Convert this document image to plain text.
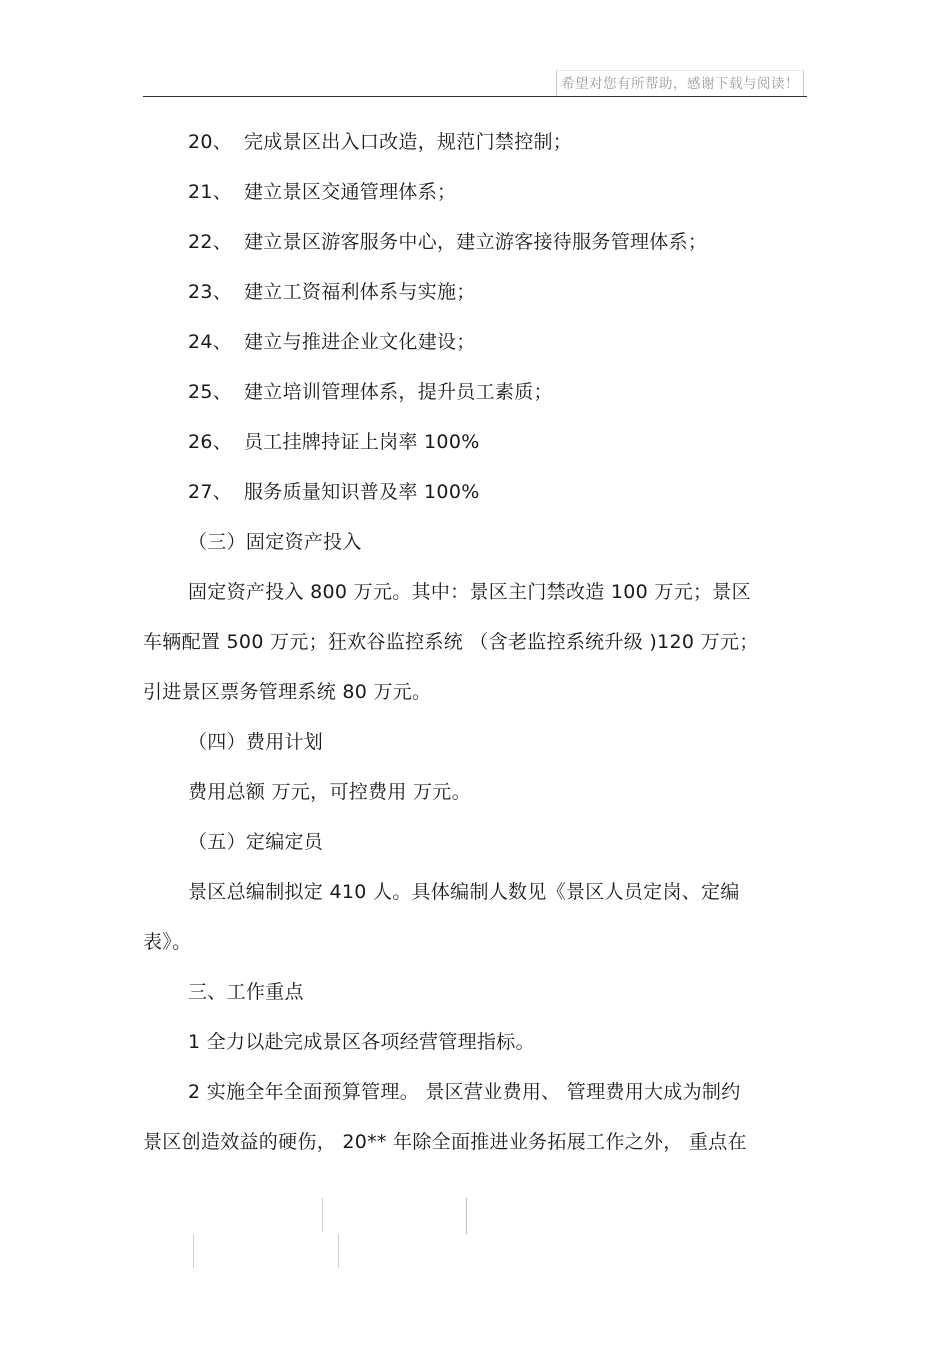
希望对您有所帮助，感谢下载与阅读！
20、 完成景区出入口改造，规范门禁控制；
21、 建立景区交通管理体系；
22、 建立景区游客服务中心，建立游客接待服务管理体系；
23、 建立工资福利体系与实施；
24、 建立与推进企业文化建设；
25、 建立培训管理体系，提升员工素质；
26、 员工挂牌持证上岗率 100%
27、 服务质量知识普及率 100%
（三）固定资产投入
固定资产投入 800 万元。其中：景区主门禁改造 100 万元；景区
车辆配置 500 万元；狂欢谷监控系统 （含老监控系统升级 )120 万元；
引进景区票务管理系统 80 万元。
（四）费用计划
费用总额 万元，可控费用 万元。
（五）定编定员
景区总编制拟定 410 人。具体编制人数见《景区人员定岗、定编
表》。
三、工作重点
1 全力以赴完成景区各项经营管理指标。
2 实施全年全面预算管理。 景区营业费用、 管理费用大成为制约
景区创造效益的硬伤， 20** 年除全面推进业务拓展工作之外， 重点在
